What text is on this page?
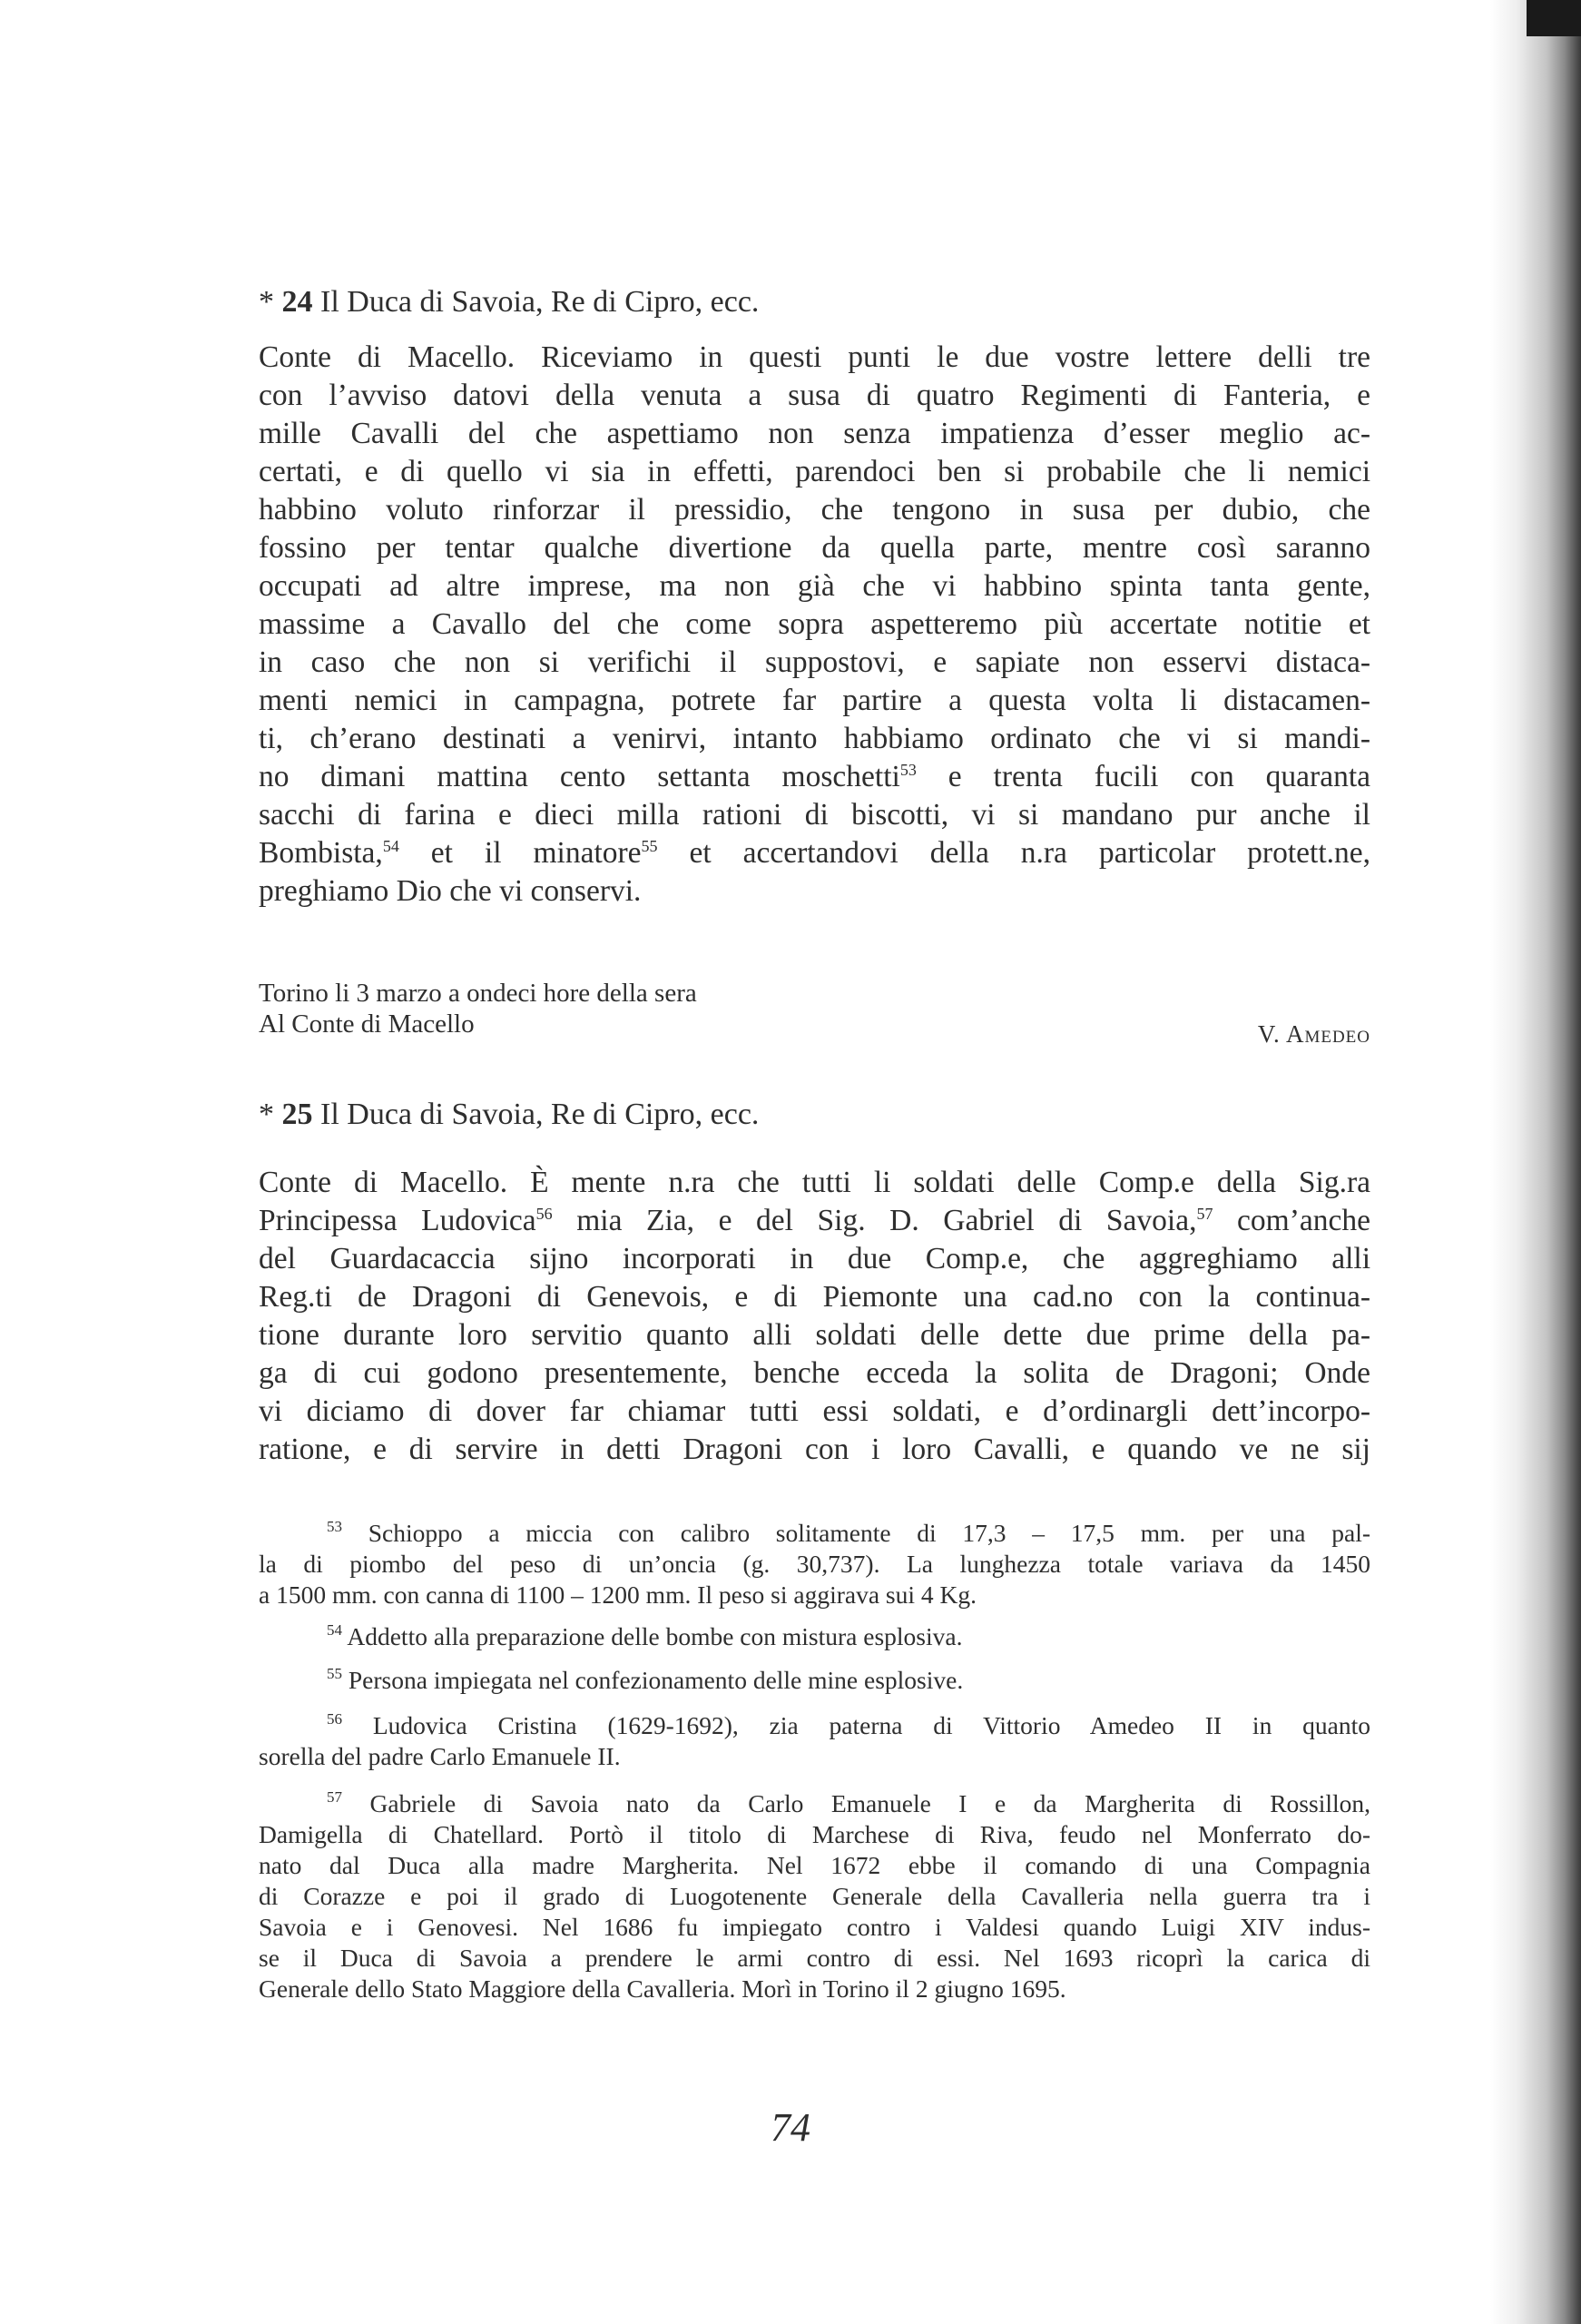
* 24 Il Duca di Savoia, Re di Cipro, ecc.
Conte di Macello. Riceviamo in questi punti le due vostre lettere delli tre
con l’avviso datovi della venuta a susa di quatro Regimenti di Fanteria, e
mille Cavalli del che aspettiamo non senza impatienza d’esser meglio ac-
certati, e di quello vi sia in effetti, parendoci ben si probabile che li nemici
habbino voluto rinforzar il pressidio, che tengono in susa per dubio, che
fossino per tentar qualche divertione da quella parte, mentre così saranno
occupati ad altre imprese, ma non già che vi habbino spinta tanta gente,
massime a Cavallo del che come sopra aspetteremo più accertate notitie et
in caso che non si verifichi il suppostovi, e sapiate non esservi distaca-
menti nemici in campagna, potrete far partire a questa volta li distacamen-
ti, ch’erano destinati a venirvi, intanto habbiamo ordinato che vi si mandi-
no dimani mattina cento settanta moschetti$^{53}$ e trenta fucili con quaranta
sacchi di farina e dieci milla rationi di biscotti, vi si mandano pur anche il
Bombista,$^{54}$ et il minatore$^{55}$ et accertandovi della n.ra particolar protett.ne,
preghiamo Dio che vi conservi.
Torino li 3 marzo a ondeci hore della sera
Al Conte di Macello	V. Amedeo
* 25 Il Duca di Savoia, Re di Cipro, ecc.
Conte di Macello. È mente n.ra che tutti li soldati delle Comp.e della Sig.ra
Principessa Ludovica$^{56}$ mia Zia, e del Sig. D. Gabriel di Savoia,$^{57}$ com’anche
del Guardacaccia sijno incorporati in due Comp.e, che aggreghiamo alli
Reg.ti de Dragoni di Genevois, e di Piemonte una cad.no con la continua-
tione durante loro servitio quanto alli soldati delle dette due prime della pa-
ga di cui godono presentemente, benche ecceda la solita de Dragoni; Onde
vi diciamo di dover far chiamar tutti essi soldati, e d’ordinargli dett’incorpo-
ratione, e di servire in detti Dragoni con i loro Cavalli, e quando ve ne sij
$^{53}$ Schioppo a miccia con calibro solitamente di 17,3 – 17,5 mm. per una pal-
la di piombo del peso di un’oncia (g. 30,737). La lunghezza totale variava da 1450
a 1500 mm. con canna di 1100 – 1200 mm. Il peso si aggirava sui 4 Kg.
$^{54}$ Addetto alla preparazione delle bombe con mistura esplosiva.
$^{55}$ Persona impiegata nel confezionamento delle mine esplosive.
$^{56}$ Ludovica Cristina (1629-1692), zia paterna di Vittorio Amedeo II in quanto
sorella del padre Carlo Emanuele II.
$^{57}$ Gabriele di Savoia nato da Carlo Emanuele I e da Margherita di Rossillon,
Damigella di Chatellard. Portò il titolo di Marchese di Riva, feudo nel Monferrato do-
nato dal Duca alla madre Margherita. Nel 1672 ebbe il comando di una Compagnia
di Corazze e poi il grado di Luogotenente Generale della Cavalleria nella guerra tra i
Savoia e i Genovesi. Nel 1686 fu impiegato contro i Valdesi quando Luigi XIV indus-
se il Duca di Savoia a prendere le armi contro di essi. Nel 1693 ricoprì la carica di
Generale dello Stato Maggiore della Cavalleria. Morì in Torino il 2 giugno 1695.
74
